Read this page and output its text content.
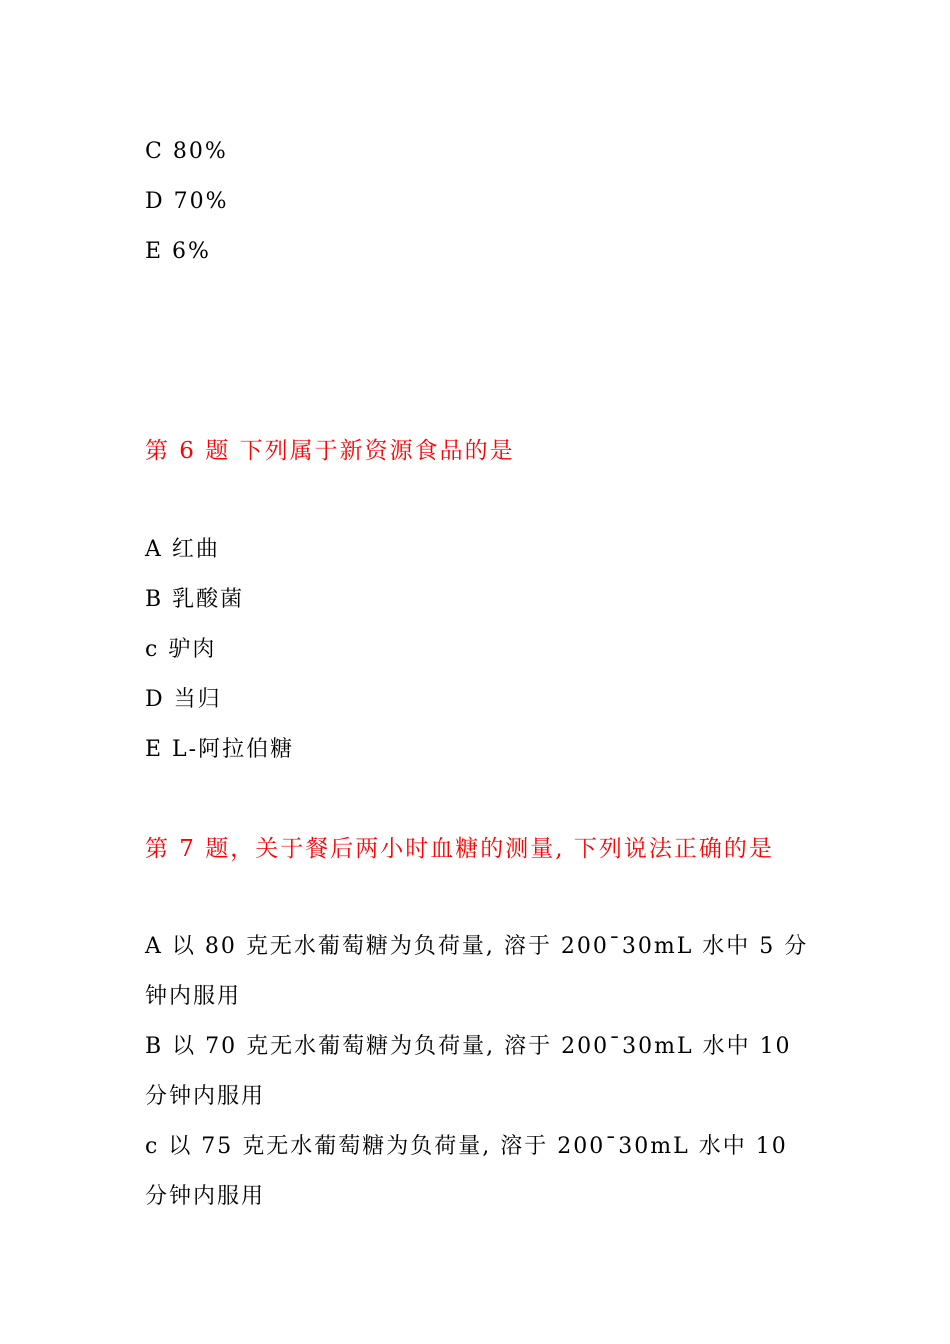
C 80%
D 70%
E 6%
第 6 题 下列属于新资源食品的是
A 红曲
B 乳酸菌
c 驴肉
D 当归
E L-阿拉伯糖
第 7 题，关于餐后两小时血糖的测量, 下列说法正确的是
A 以 80 克无水葡萄糖为负荷量, 溶于 200¯30mL 水中 5 分钟内服用
B 以 70 克无水葡萄糖为负荷量, 溶于 200¯30mL 水中 10 分钟内服用
c 以 75 克无水葡萄糖为负荷量, 溶于 200¯30mL 水中 10 分钟内服用
